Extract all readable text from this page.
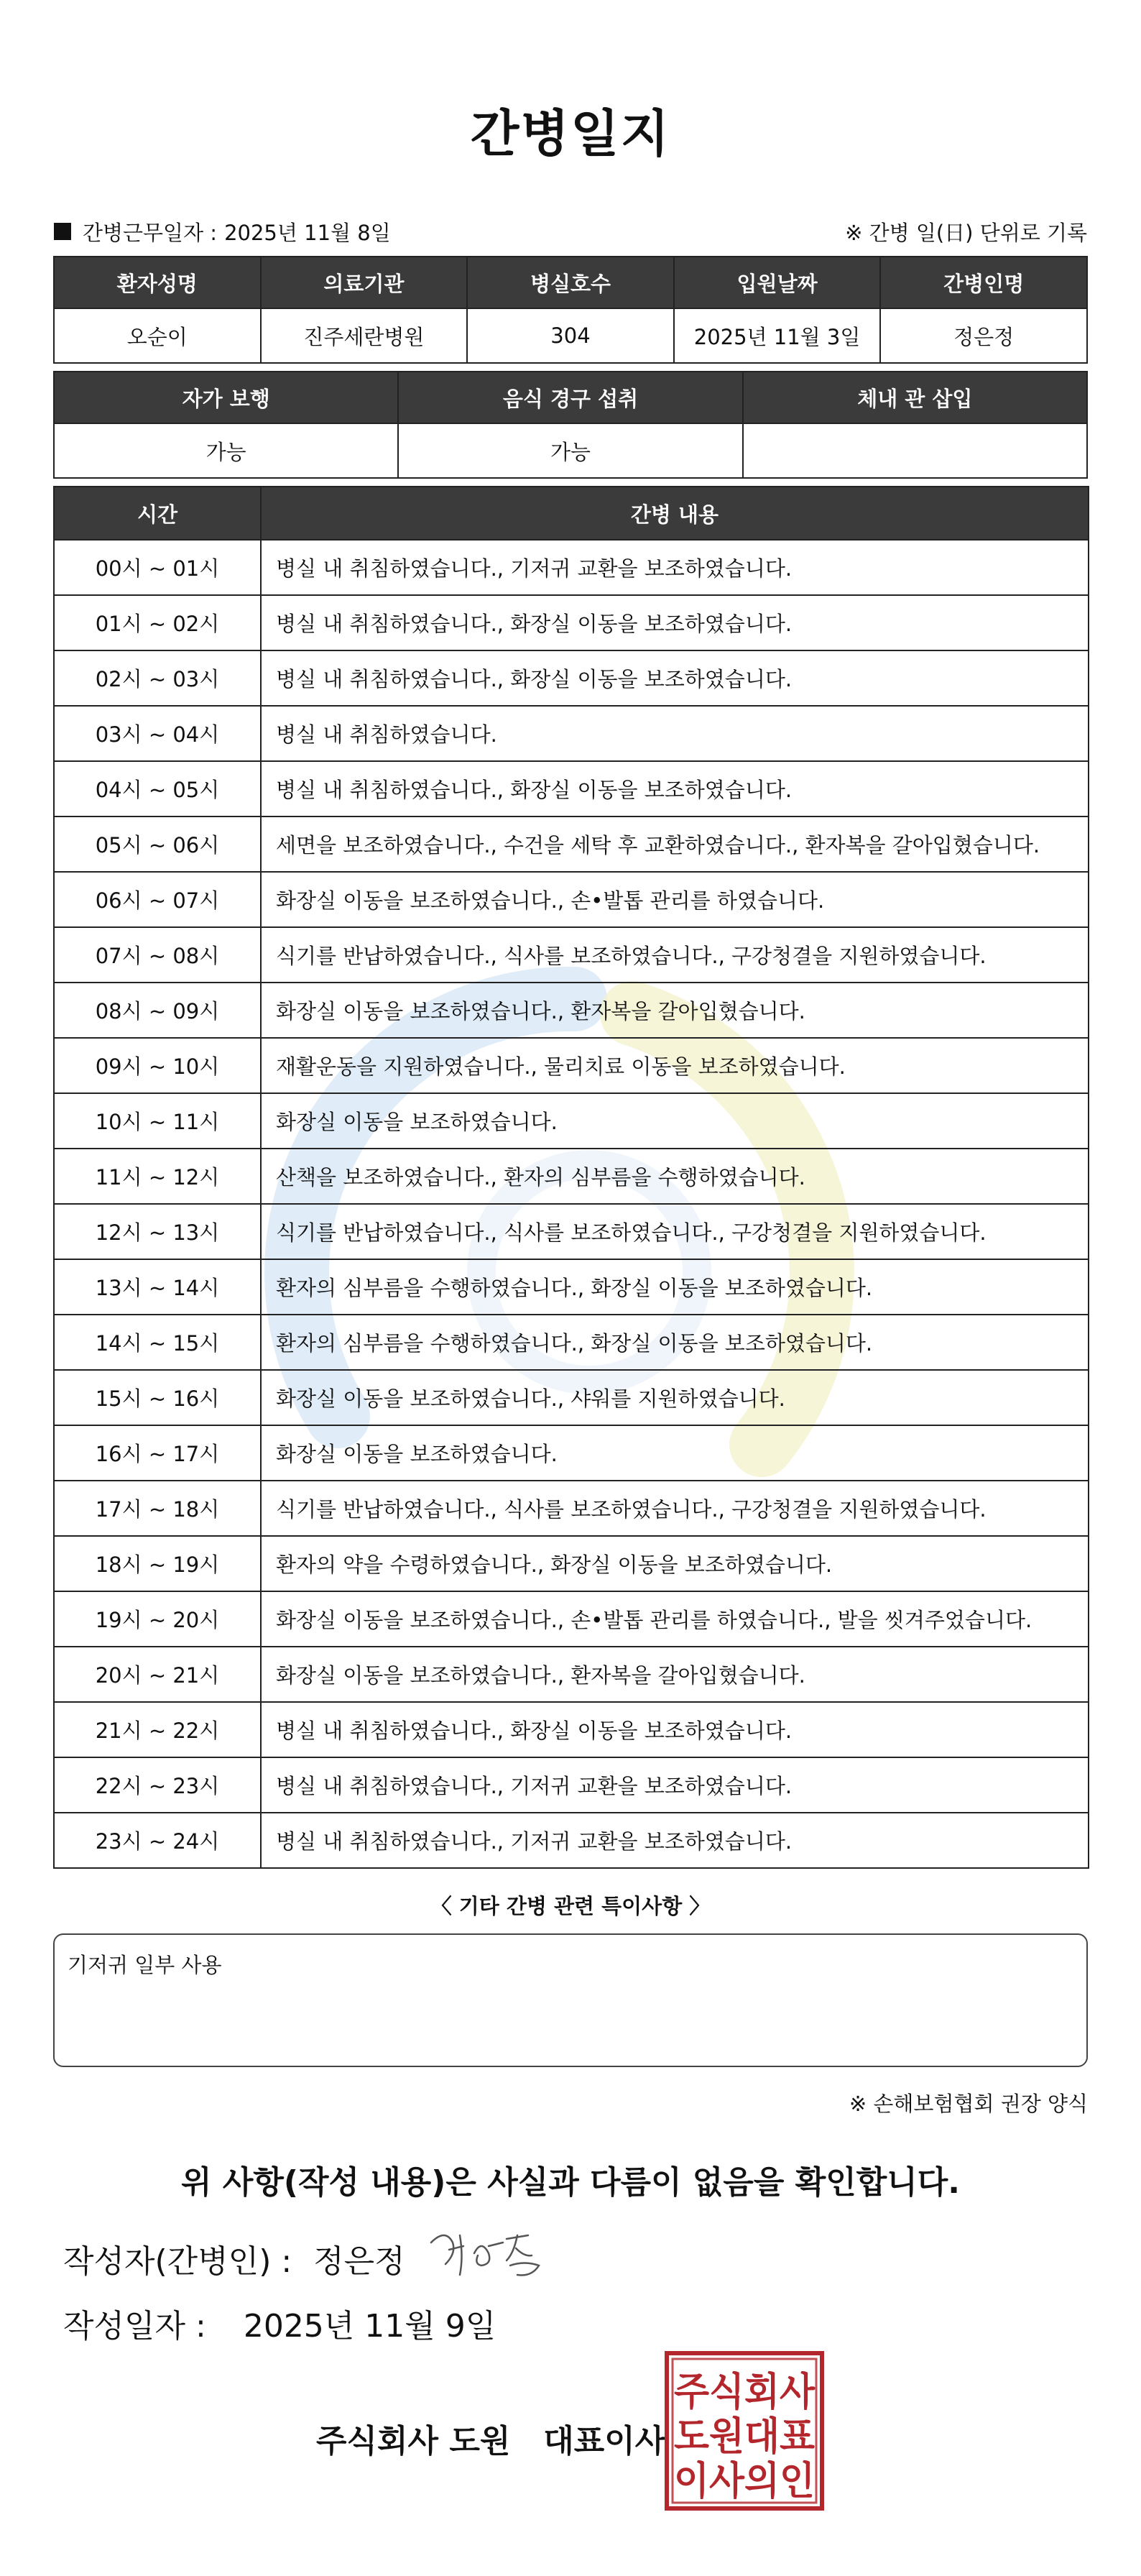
간병일지
간병근무일자 : 2025년 11월 8일	※ 간병 일(日) 단위로 기록
환자성명	의료기관	병실호수	입원날짜	간병인명
오순이	진주세란병원	304	2025년 11월 3일	정은정
자가 보행	음식 경구 섭취	체내 관 삽입
가능	가능	
시간	간병 내용
00시 ~ 01시	병실 내 취침하였습니다., 기저귀 교환을 보조하였습니다.
01시 ~ 02시	병실 내 취침하였습니다., 화장실 이동을 보조하였습니다.
02시 ~ 03시	병실 내 취침하였습니다., 화장실 이동을 보조하였습니다.
03시 ~ 04시	병실 내 취침하였습니다.
04시 ~ 05시	병실 내 취침하였습니다., 화장실 이동을 보조하였습니다.
05시 ~ 06시	세면을 보조하였습니다., 수건을 세탁 후 교환하였습니다., 환자복을 갈아입혔습니다.
06시 ~ 07시	화장실 이동을 보조하였습니다., 손•발톱 관리를 하였습니다.
07시 ~ 08시	식기를 반납하였습니다., 식사를 보조하였습니다., 구강청결을 지원하였습니다.
08시 ~ 09시	화장실 이동을 보조하였습니다., 환자복을 갈아입혔습니다.
09시 ~ 10시	재활운동을 지원하였습니다., 물리치료 이동을 보조하였습니다.
10시 ~ 11시	화장실 이동을 보조하였습니다.
11시 ~ 12시	산책을 보조하였습니다., 환자의 심부름을 수행하였습니다.
12시 ~ 13시	식기를 반납하였습니다., 식사를 보조하였습니다., 구강청결을 지원하였습니다.
13시 ~ 14시	환자의 심부름을 수행하였습니다., 화장실 이동을 보조하였습니다.
14시 ~ 15시	환자의 심부름을 수행하였습니다., 화장실 이동을 보조하였습니다.
15시 ~ 16시	화장실 이동을 보조하였습니다., 샤워를 지원하였습니다.
16시 ~ 17시	화장실 이동을 보조하였습니다.
17시 ~ 18시	식기를 반납하였습니다., 식사를 보조하였습니다., 구강청결을 지원하였습니다.
18시 ~ 19시	환자의 약을 수령하였습니다., 화장실 이동을 보조하였습니다.
19시 ~ 20시	화장실 이동을 보조하였습니다., 손•발톱 관리를 하였습니다., 발을 씻겨주었습니다.
20시 ~ 21시	화장실 이동을 보조하였습니다., 환자복을 갈아입혔습니다.
21시 ~ 22시	병실 내 취침하였습니다., 화장실 이동을 보조하였습니다.
22시 ~ 23시	병실 내 취침하였습니다., 기저귀 교환을 보조하였습니다.
23시 ~ 24시	병실 내 취침하였습니다., 기저귀 교환을 보조하였습니다.
〈 기타 간병 관련 특이사항 〉
기저귀 일부 사용
※ 손해보험협회 권장 양식
위 사항(작성 내용)은 사실과 다름이 없음을 확인합니다.
작성자(간병인) : 정은정
작성일자 : 2025년 11월 9일
주식회사 도원   대표이사
주식회사
도원대표
이사의인
